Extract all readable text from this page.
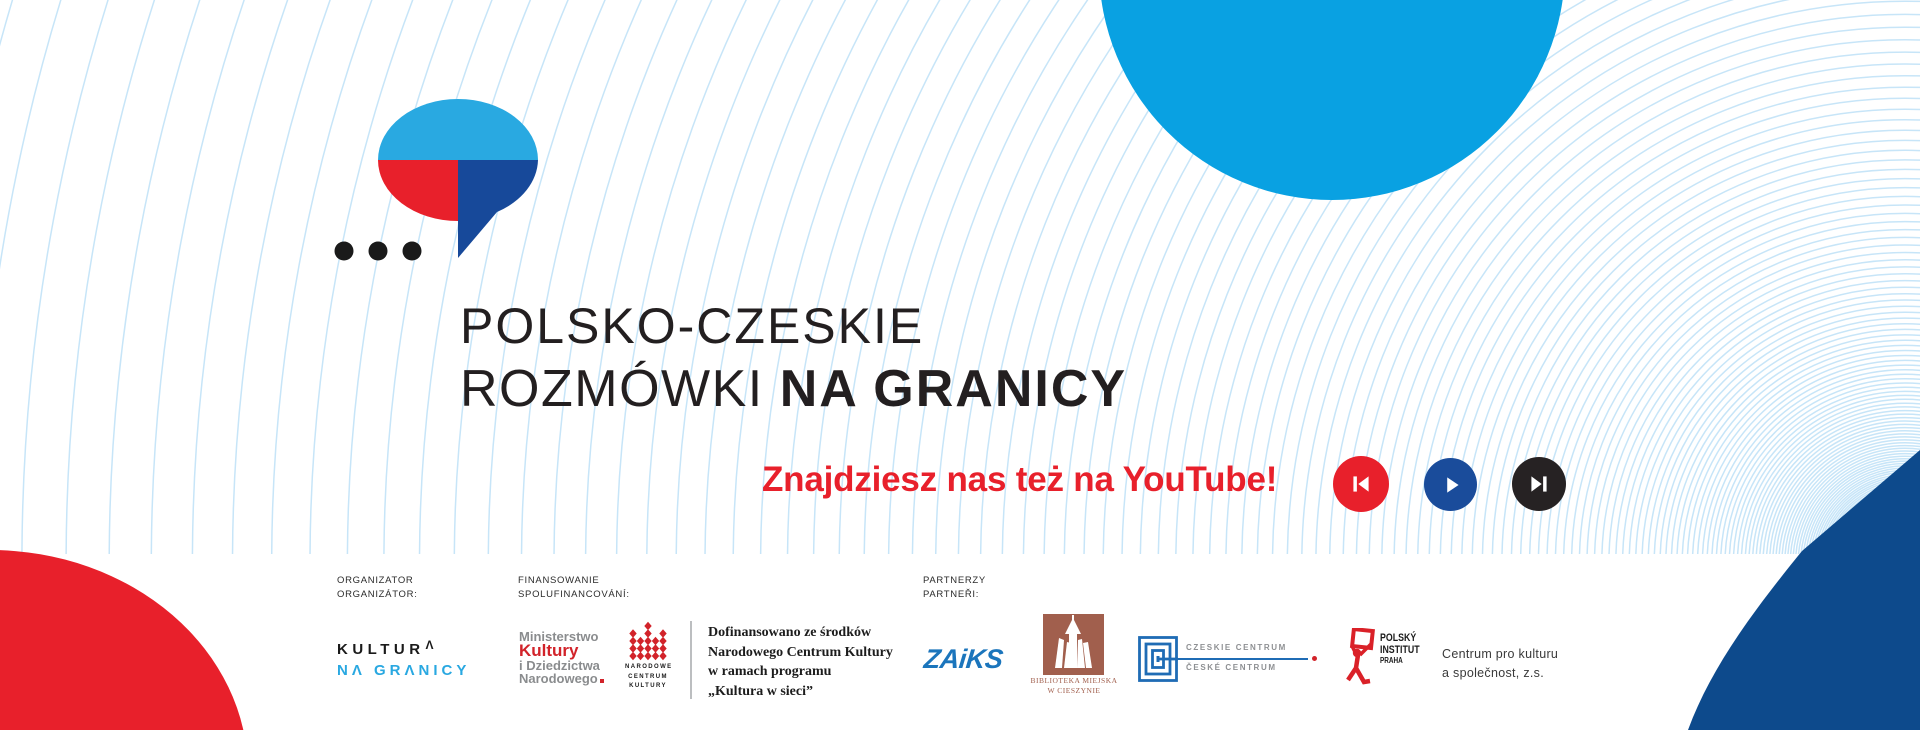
POLSKO-CZESKIE
ROZMÓWKI NA GRANICY
Znajdziesz nas też na YouTube!
ORGANIZATOR
ORGANIZÁTOR:
FINANSOWANIE
SPOLUFINANCOVÁNÍ:
PARTNERZY
PARTNEŘI:
$KULTUR^\Lambda$
NΛ GRΛNICY
Ministerstwo
Kultury
i Dziedzictwa
Narodowego
NARODOWE
CENTRUM
KULTURY
Dofinansowano ze środków
Narodowego Centrum Kultury
w ramach programu
„Kultura w sieci”
ZAiKS
BIBLIOTEKA MIEJSKA
W CIESZYNIE
CZESKIE CENTRUM
ČESKÉ CENTRUM
POLSKÝ
INSTITUT
PRAHA	Centrum pro kulturu
a společnost, z.s.
